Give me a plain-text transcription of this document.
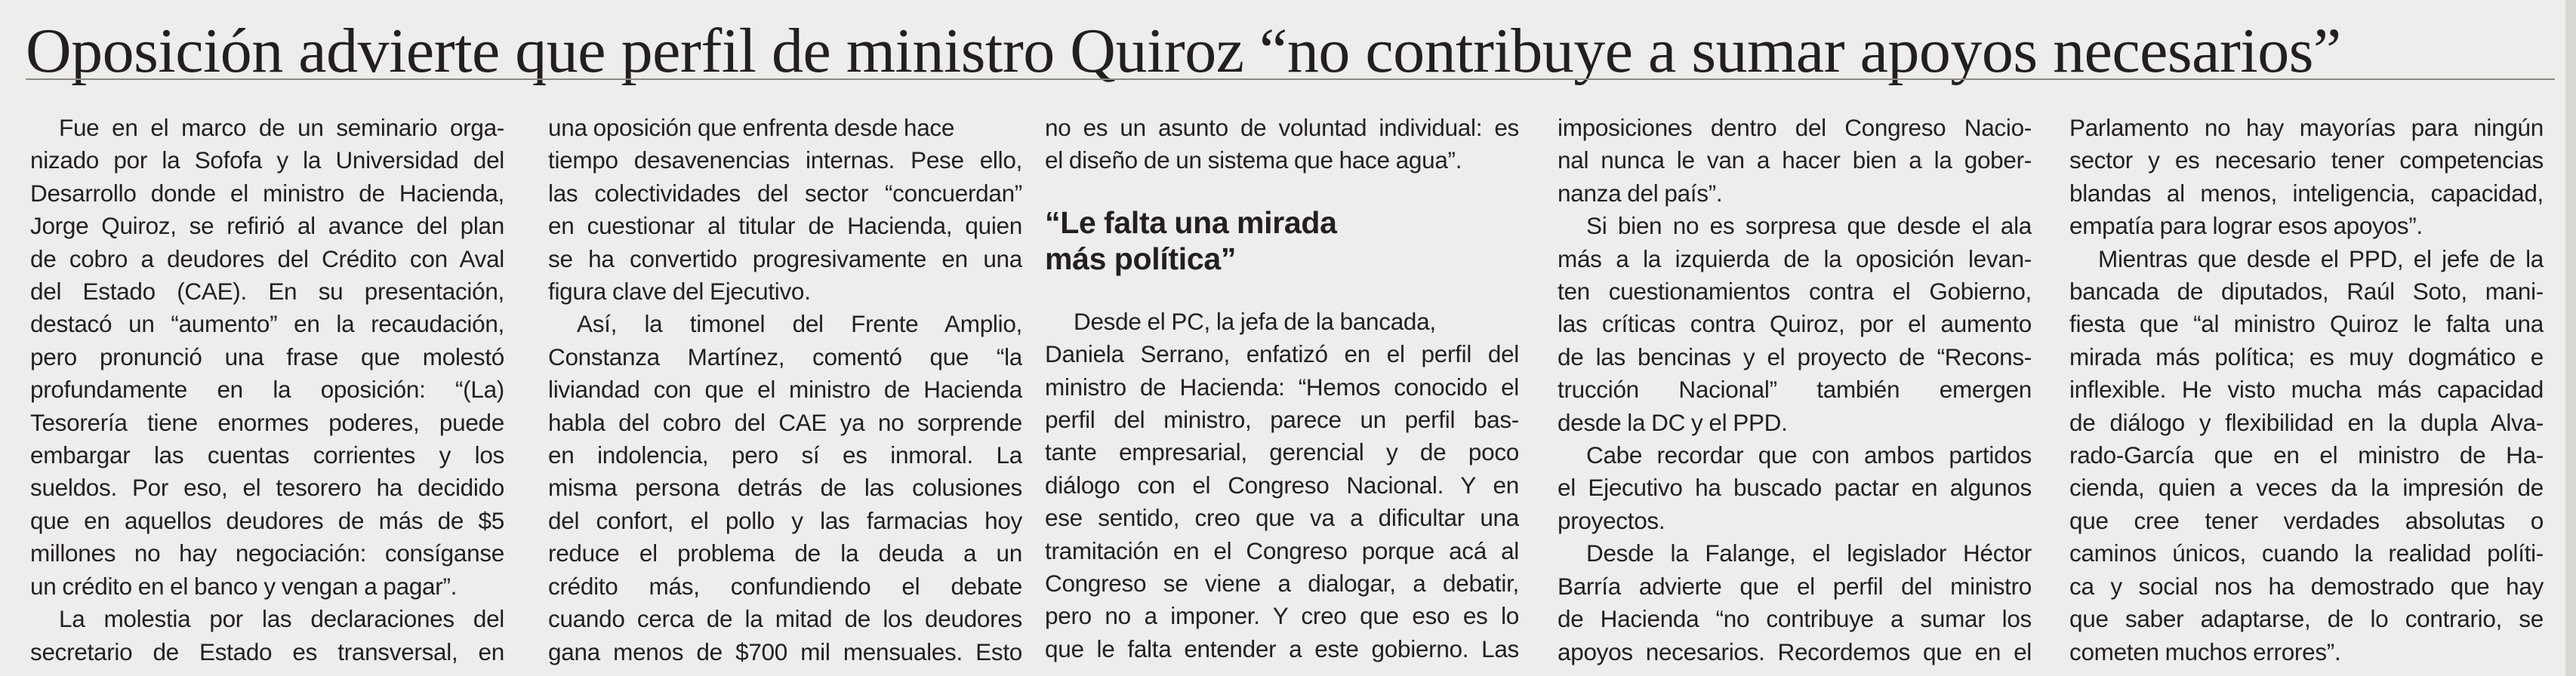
Oposición advierte que perfil de ministro Quiroz “no contribuye a sumar apoyos necesarios”
Fue en el marco de un seminario orga-
nizado por la Sofofa y la Universidad del
Desarrollo donde el ministro de Hacienda,
Jorge Quiroz, se refirió al avance del plan
de cobro a deudores del Crédito con Aval
del Estado (CAE). En su presentación,
destacó un “aumento” en la recaudación,
pero pronunció una frase que molestó
profundamente en la oposición: “(La)
Tesorería tiene enormes poderes, puede
embargar las cuentas corrientes y los
sueldos. Por eso, el tesorero ha decidido
que en aquellos deudores de más de $5
millones no hay negociación: consíganse
un crédito en el banco y vengan a pagar”.
La molestia por las declaraciones del
secretario de Estado es transversal, en
una oposición que enfrenta desde hace
tiempo desavenencias internas. Pese ello,
las colectividades del sector “concuerdan”
en cuestionar al titular de Hacienda, quien
se ha convertido progresivamente en una
figura clave del Ejecutivo.
Así, la timonel del Frente Amplio,
Constanza Martínez, comentó que “la
liviandad con que el ministro de Hacienda
habla del cobro del CAE ya no sorprende
en indolencia, pero sí es inmoral. La
misma persona detrás de las colusiones
del confort, el pollo y las farmacias hoy
reduce el problema de la deuda a un
crédito más, confundiendo el debate
cuando cerca de la mitad de los deudores
gana menos de $700 mil mensuales. Esto
no es un asunto de voluntad individual: es
el diseño de un sistema que hace agua”.
“Le falta una mirada
más política”
Desde el PC, la jefa de la bancada,
Daniela Serrano, enfatizó en el perfil del
ministro de Hacienda: “Hemos conocido el
perfil del ministro, parece un perfil bas-
tante empresarial, gerencial y de poco
diálogo con el Congreso Nacional. Y en
ese sentido, creo que va a dificultar una
tramitación en el Congreso porque acá al
Congreso se viene a dialogar, a debatir,
pero no a imponer. Y creo que eso es lo
que le falta entender a este gobierno. Las
imposiciones dentro del Congreso Nacio-
nal nunca le van a hacer bien a la gober-
nanza del país”.
Si bien no es sorpresa que desde el ala
más a la izquierda de la oposición levan-
ten cuestionamientos contra el Gobierno,
las críticas contra Quiroz, por el aumento
de las bencinas y el proyecto de “Recons-
trucción Nacional” también emergen
desde la DC y el PPD.
Cabe recordar que con ambos partidos
el Ejecutivo ha buscado pactar en algunos
proyectos.
Desde la Falange, el legislador Héctor
Barría advierte que el perfil del ministro
de Hacienda “no contribuye a sumar los
apoyos necesarios. Recordemos que en el
Parlamento no hay mayorías para ningún
sector y es necesario tener competencias
blandas al menos, inteligencia, capacidad,
empatía para lograr esos apoyos”.
Mientras que desde el PPD, el jefe de la
bancada de diputados, Raúl Soto, mani-
fiesta que “al ministro Quiroz le falta una
mirada más política; es muy dogmático e
inflexible. He visto mucha más capacidad
de diálogo y flexibilidad en la dupla Alva-
rado-García que en el ministro de Ha-
cienda, quien a veces da la impresión de
que cree tener verdades absolutas o
caminos únicos, cuando la realidad políti-
ca y social nos ha demostrado que hay
que saber adaptarse, de lo contrario, se
cometen muchos errores”.
